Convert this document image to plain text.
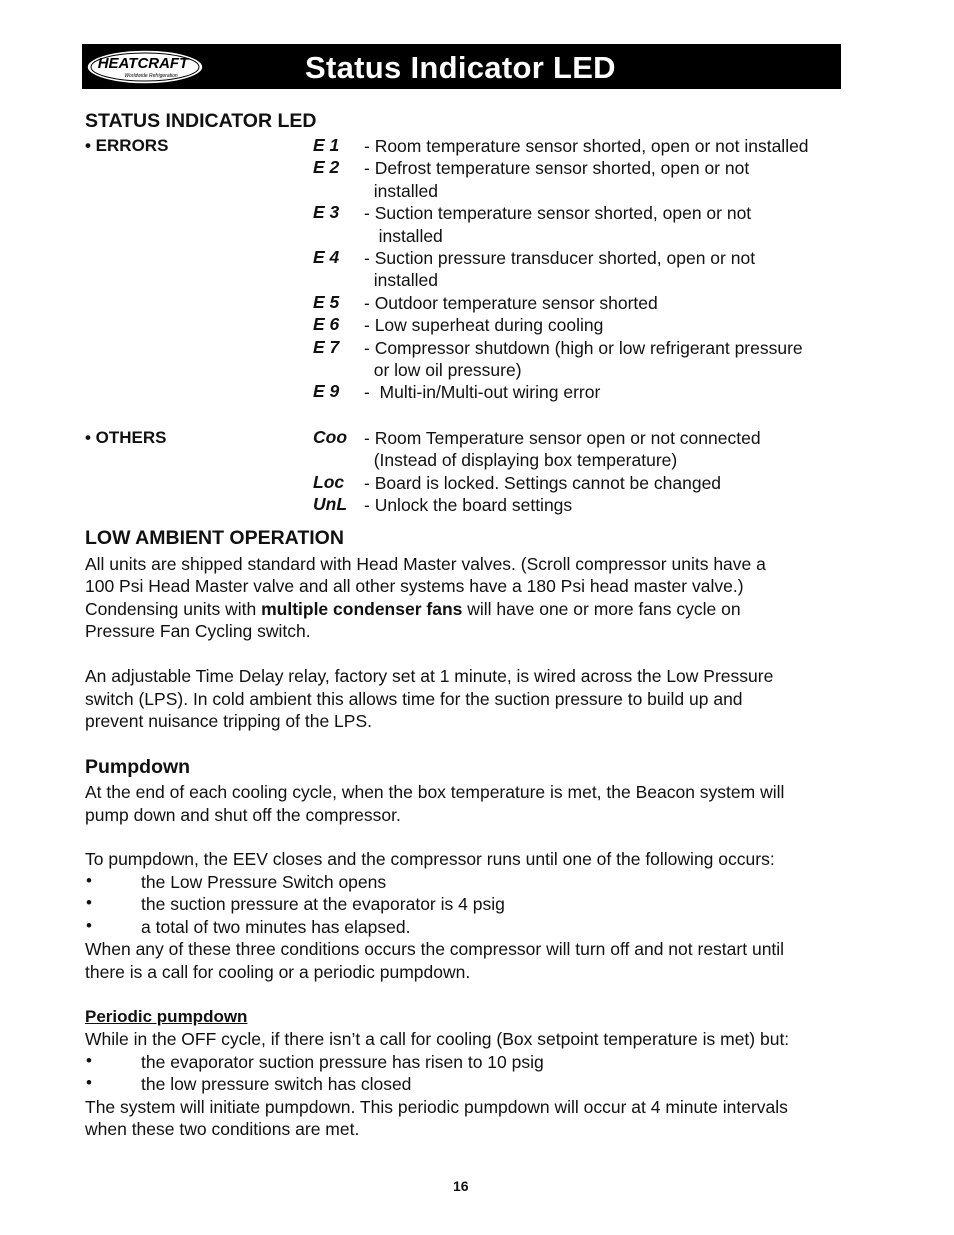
HEATCRAFT
Worldwide Refrigeration	Status Indicator LED
STATUS INDICATOR LED
• ERRORS	E 1 - Room temperature sensor shorted, open or not installed
E 2 - Defrost temperature sensor shorted, open or not
installed
E 3 - Suction temperature sensor shorted, open or not
installed
E 4 - Suction pressure transducer shorted, open or not
installed
E 5 - Outdoor temperature sensor shorted
E 6 - Low superheat during cooling
E 7 - Compressor shutdown (high or low refrigerant pressure
or low oil pressure)
E 9 -  Multi-in/Multi-out wiring error
• OTHERS	Coo - Room Temperature sensor open or not connected
(Instead of displaying box temperature)
Loc - Board is locked. Settings cannot be changed
UnL - Unlock the board settings
LOW AMBIENT OPERATION
All units are shipped standard with Head Master valves. (Scroll compressor units have a
100 Psi Head Master valve and all other systems have a 180 Psi head master valve.)
Condensing units with multiple condenser fans will have one or more fans cycle on
Pressure Fan Cycling switch.
An adjustable Time Delay relay, factory set at 1 minute, is wired across the Low Pressure
switch (LPS). In cold ambient this allows time for the suction pressure to build up and
prevent nuisance tripping of the LPS.
Pumpdown
At the end of each cooling cycle, when the box temperature is met, the Beacon system will
pump down and shut off the compressor.
To pumpdown, the EEV closes and the compressor runs until one of the following occurs:
•	the Low Pressure Switch opens
•	the suction pressure at the evaporator is 4 psig
•	a total of two minutes has elapsed.
When any of these three conditions occurs the compressor will turn off and not restart until
there is a call for cooling or a periodic pumpdown.
Periodic pumpdown
While in the OFF cycle, if there isn’t a call for cooling (Box setpoint temperature is met) but:
•	the evaporator suction pressure has risen to 10 psig
•	the low pressure switch has closed
The system will initiate pumpdown. This periodic pumpdown will occur at 4 minute intervals
when these two conditions are met.
16
